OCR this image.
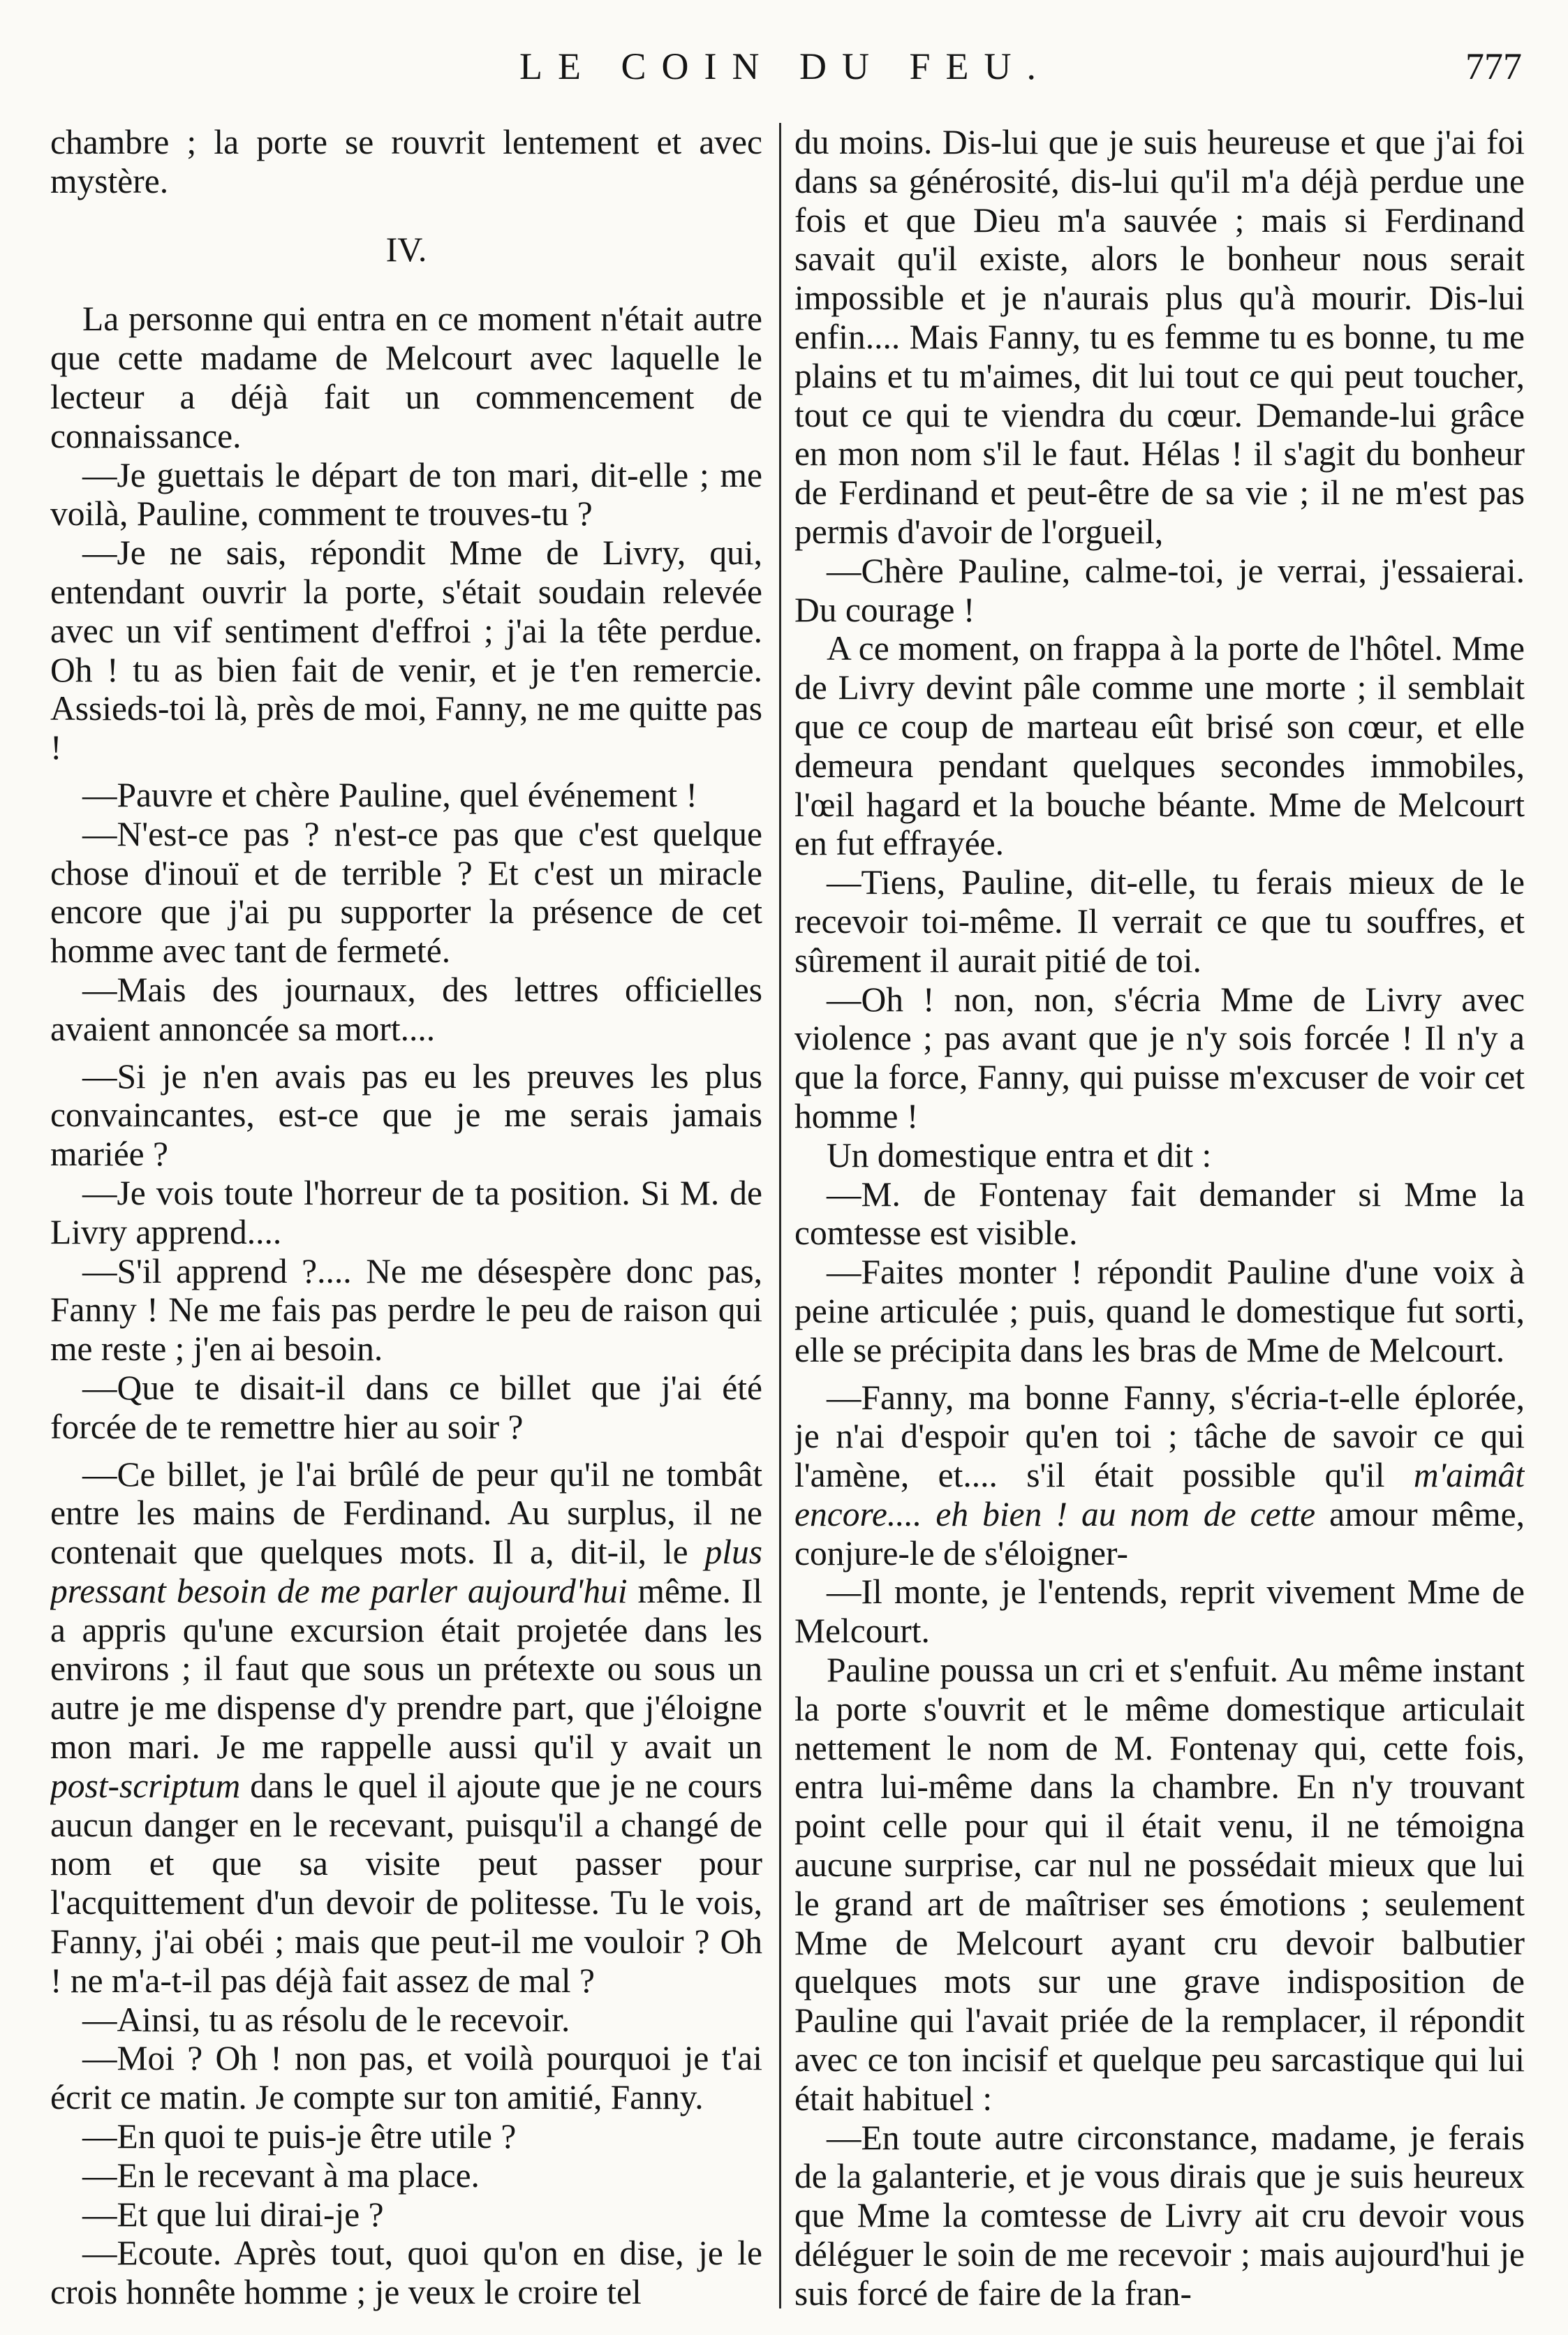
LE COIN DU FEU.	777

chambre ; la porte se rouvrit lentement et avec mystère.

IV.

La personne qui entra en ce moment n'était autre que cette madame de Melcourt avec laquelle le lecteur a déjà fait un commencement de connaissance.

—Je guettais le départ de ton mari, dit-elle ; me voilà, Pauline, comment te trouves-tu ?

—Je ne sais, répondit Mme de Livry, qui, entendant ouvrir la porte, s'était soudain relevée avec un vif sentiment d'effroi ; j'ai la tête perdue. Oh ! tu as bien fait de venir, et je t'en remercie. Assieds-toi là, près de moi, Fanny, ne me quitte pas !

—Pauvre et chère Pauline, quel événement !

—N'est-ce pas ? n'est-ce pas que c'est quelque chose d'inouï et de terrible ? Et c'est un miracle encore que j'ai pu supporter la présence de cet homme avec tant de fermeté.

—Mais des journaux, des lettres officielles avaient annoncée sa mort....

—Si je n'en avais pas eu les preuves les plus convaincantes, est-ce que je me serais jamais mariée ?

—Je vois toute l'horreur de ta position. Si M. de Livry apprend....

—S'il apprend ?.... Ne me désespère donc pas, Fanny ! Ne me fais pas perdre le peu de raison qui me reste ; j'en ai besoin.

—Que te disait-il dans ce billet que j'ai été forcée de te remettre hier au soir ?

—Ce billet, je l'ai brûlé de peur qu'il ne tombât entre les mains de Ferdinand. Au surplus, il ne contenait que quelques mots. Il a, dit-il, le plus pressant besoin de me parler aujourd'hui même. Il a appris qu'une excursion était projetée dans les environs ; il faut que sous un prétexte ou sous un autre je me dispense d'y prendre part, que j'éloigne mon mari. Je me rappelle aussi qu'il y avait un post-scriptum dans le quel il ajoute que je ne cours aucun danger en le recevant, puisqu'il a changé de nom et que sa visite peut passer pour l'acquittement d'un devoir de politesse. Tu le vois, Fanny, j'ai obéi ; mais que peut-il me vouloir ? Oh ! ne m'a-t-il pas déjà fait assez de mal ?

—Ainsi, tu as résolu de le recevoir.

—Moi ? Oh ! non pas, et voilà pourquoi je t'ai écrit ce matin. Je compte sur ton amitié, Fanny.

—En quoi te puis-je être utile ?

—En le recevant à ma place.

—Et que lui dirai-je ?

—Ecoute. Après tout, quoi qu'on en dise, je le crois honnête homme ; je veux le croire tel

du moins. Dis-lui que je suis heureuse et que j'ai foi dans sa générosité, dis-lui qu'il m'a déjà perdue une fois et que Dieu m'a sauvée ; mais si Ferdinand savait qu'il existe, alors le bonheur nous serait impossible et je n'aurais plus qu'à mourir. Dis-lui enfin.... Mais Fanny, tu es femme tu es bonne, tu me plains et tu m'aimes, dit lui tout ce qui peut toucher, tout ce qui te viendra du cœur. Demande-lui grâce en mon nom s'il le faut. Hélas ! il s'agit du bonheur de Ferdinand et peut-être de sa vie ; il ne m'est pas permis d'avoir de l'orgueil,

—Chère Pauline, calme-toi, je verrai, j'essaierai. Du courage !

A ce moment, on frappa à la porte de l'hôtel. Mme de Livry devint pâle comme une morte ; il semblait que ce coup de marteau eût brisé son cœur, et elle demeura pendant quelques secondes immobiles, l'œil hagard et la bouche béante. Mme de Melcourt en fut effrayée.

—Tiens, Pauline, dit-elle, tu ferais mieux de le recevoir toi-même. Il verrait ce que tu souffres, et sûrement il aurait pitié de toi.

—Oh ! non, non, s'écria Mme de Livry avec violence ; pas avant que je n'y sois forcée ! Il n'y a que la force, Fanny, qui puisse m'excuser de voir cet homme !

Un domestique entra et dit :

—M. de Fontenay fait demander si Mme la comtesse est visible.

—Faites monter ! répondit Pauline d'une voix à peine articulée ; puis, quand le domestique fut sorti, elle se précipita dans les bras de Mme de Melcourt.

—Fanny, ma bonne Fanny, s'écria-t-elle éplorée, je n'ai d'espoir qu'en toi ; tâche de savoir ce qui l'amène, et.... s'il était possible qu'il m'aimât encore.... eh bien ! au nom de cette amour même, conjure-le de s'éloigner-

—Il monte, je l'entends, reprit vivement Mme de Melcourt.

Pauline poussa un cri et s'enfuit. Au même instant la porte s'ouvrit et le même domestique articulait nettement le nom de M. Fontenay qui, cette fois, entra lui-même dans la chambre. En n'y trouvant point celle pour qui il était venu, il ne témoigna aucune surprise, car nul ne possédait mieux que lui le grand art de maîtriser ses émotions ; seulement Mme de Melcourt ayant cru devoir balbutier quelques mots sur une grave indisposition de Pauline qui l'avait priée de la remplacer, il répondit avec ce ton incisif et quelque peu sarcastique qui lui était habituel :

—En toute autre circonstance, madame, je ferais de la galanterie, et je vous dirais que je suis heureux que Mme la comtesse de Livry ait cru devoir vous déléguer le soin de me recevoir ; mais aujourd'hui je suis forcé de faire de la fran-
